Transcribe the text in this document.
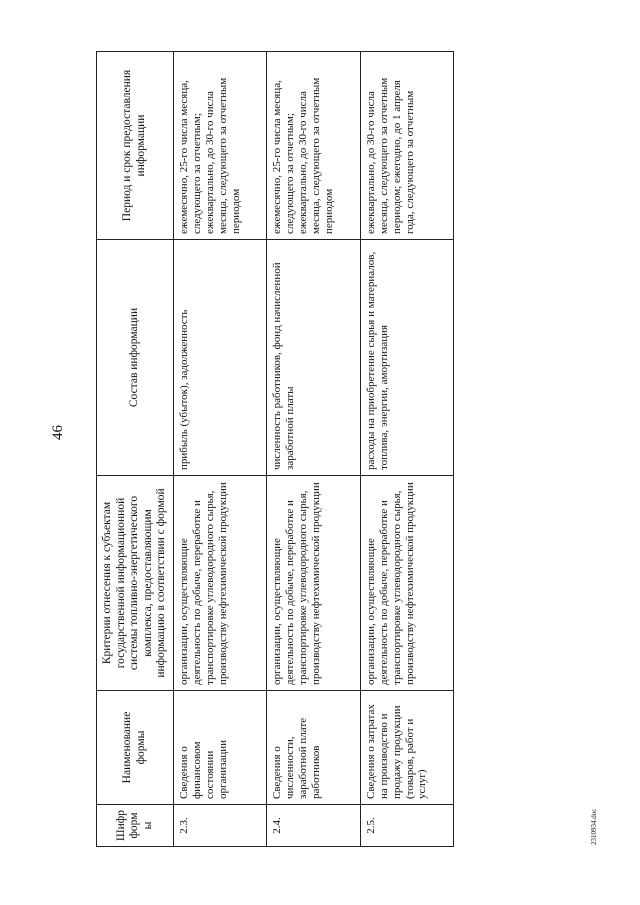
46
Шифр формы	Наименование формы	Критерии отнесения к субъектам государственной информационной системы топливно-энергетического комплекса, предоставляющим информацию в соответствии с формой	Состав информации	Период и срок предоставления информации
2.3.	Сведения о финансовом состоянии организации	организации, осуществляющие деятельность по добыче, переработке и транспортировке углеводородного сырья, производству нефтехимической продукции	прибыль (убыток), задолженность	ежемесячно, 25-го числа месяца, следующего за отчетным; ежеквартально, до 30-го числа месяца, следующего за отчетным периодом
2.4.	Сведения о численности, заработной плате работников	организации, осуществляющие деятельность по добыче, переработке и транспортировке углеводородного сырья, производству нефтехимической продукции	численность работников, фонд начисленной заработной платы	ежемесячно, 25-го числа месяца, следующего за отчетным; ежеквартально, до 30-го числа месяца, следующего за отчетным периодом
2.5.	Сведения о затратах на производство и продажу продукции (товаров, работ и услуг)	организации, осуществляющие деятельность по добыче, переработке и транспортировке углеводородного сырья, производству нефтехимической продукции	расходы на приобретение сырья и материалов, топлива, энергии, амортизация	ежеквартально, до 30-го числа месяца, следующего за отчетным периодом; ежегодно, до 1 апреля года, следующего за отчетным
2310934.doc
